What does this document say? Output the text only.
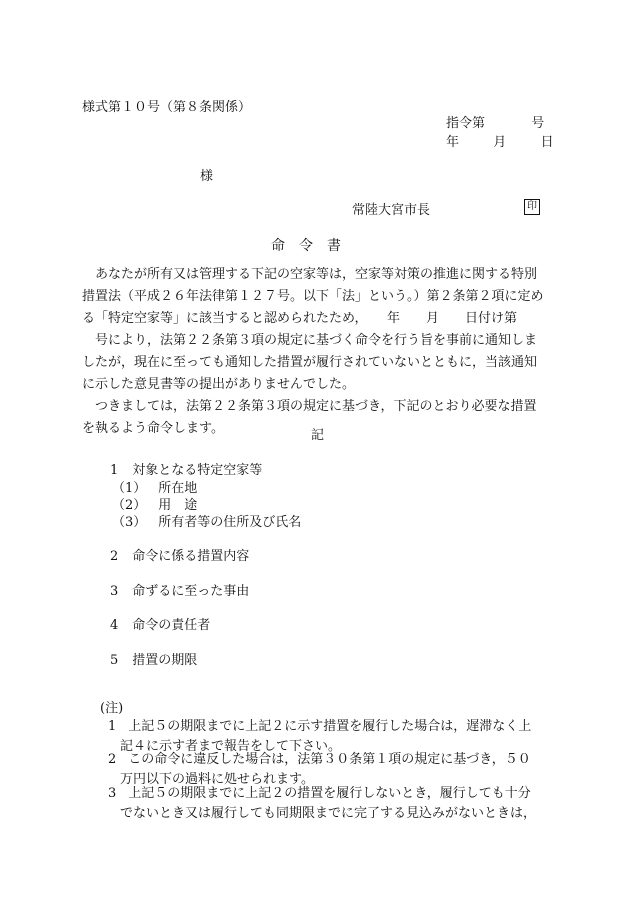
様式第１０号（第８条関係）
指令第	号
年	月	日
様
常陸大宮市長	印
命　令　書
あなたが所有又は管理する下記の空家等は，空家等対策の推進に関する特別
措置法（平成２６年法律第１２７号。以下「法」という。）第２条第２項に定め
る「特定空家等」に該当すると認められたため，　　年　　月　　日付け第
号により，法第２２条第３項の規定に基づく命令を行う旨を事前に通知しま
したが，現在に至っても通知した措置が履行されていないとともに，当該通知
に示した意見書等の提出がありませんでした。
つきましては，法第２２条第３項の規定に基づき，下記のとおり必要な措置
を執るよう命令します。	記
1 対象となる特定空家等
（1） 所在地
（2） 用　途
（3） 所有者等の住所及び氏名
2 命令に係る措置内容
3 命ずるに至った事由
4 命令の責任者
5 措置の期限
(注)
1 上記５の期限までに上記２に示す措置を履行した場合は，遅滞なく上
記４に示す者まで報告をして下さい。
2 この命令に違反した場合は，法第３０条第１項の規定に基づき，５０
万円以下の過料に処せられます。
3 上記５の期限までに上記２の措置を履行しないとき，履行しても十分
でないとき又は履行しても同期限までに完了する見込みがないときは，
